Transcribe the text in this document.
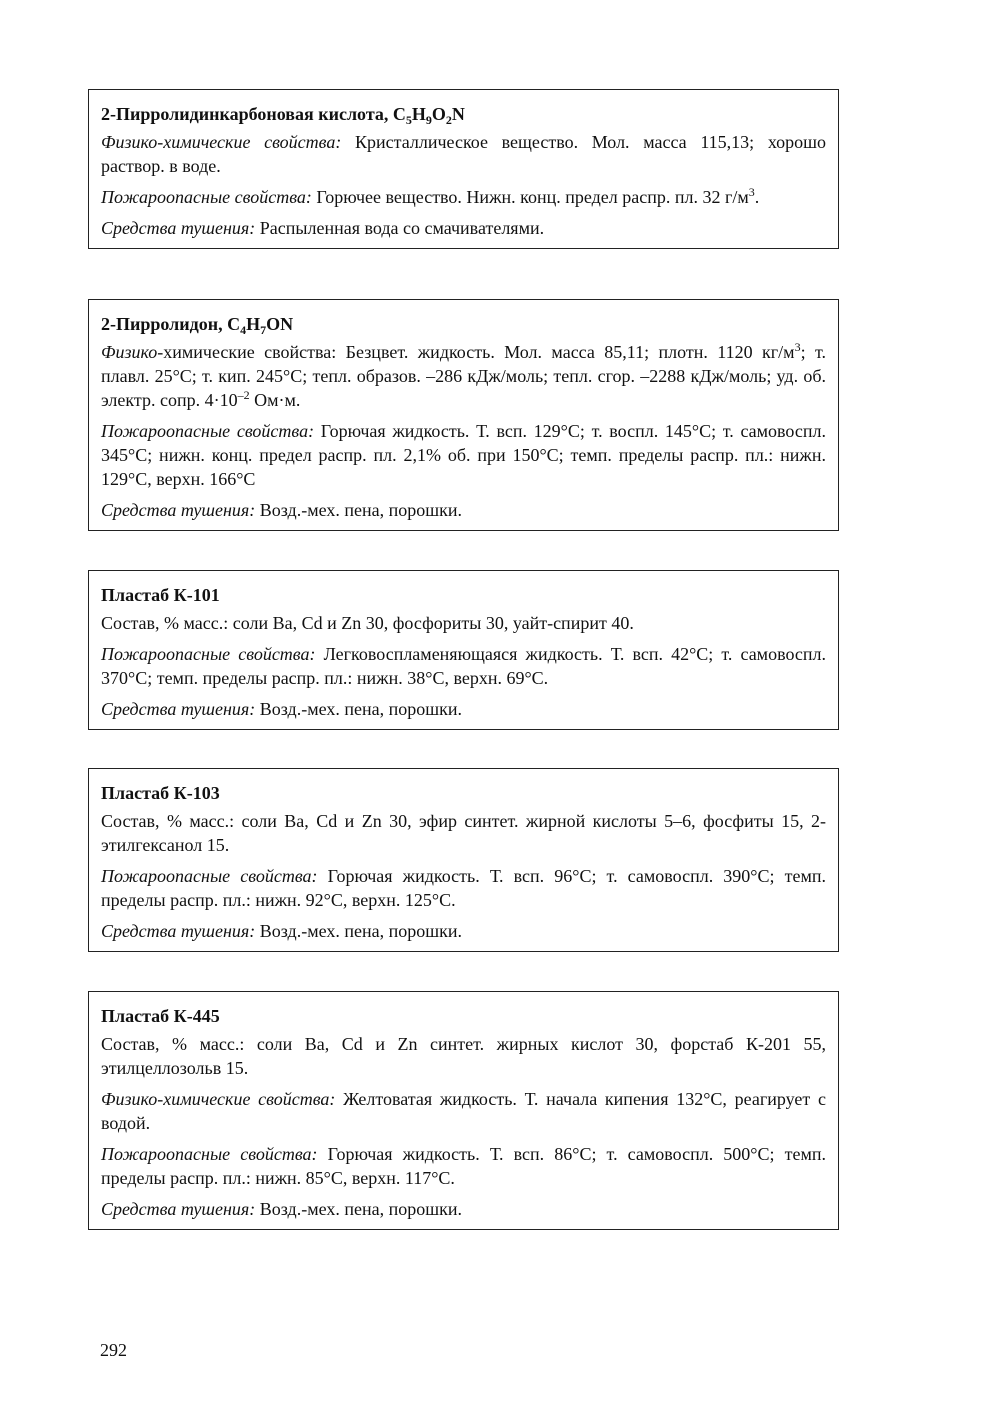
2-Пирролидинкарбоновая кислота, $C_5H_9O_2N$
Физико-химические свойства: Кристаллическое вещество. Мол. масса 115,13; хорошо раствор. в воде.
Пожароопасные свойства: Горючее вещество. Нижн. конц. предел распр. пл. 32 $г/м^3$.
Средства тушения: Распыленная вода со смачивателями.
2-Пирролидон, $C_4H_7ON$
Физико-химические свойства: Безцвет. жидкость. Мол. масса 85,11; плотн. 1120 $кг/м^3$; т. плавл. 25°С; т. кип. 245°С; тепл. образов. –286 кДж/моль; тепл. сгор. –2288 кДж/моль; уд. об. электр. сопр. $4\cdot 10^{-2}$ Ом·м.
Пожароопасные свойства: Горючая жидкость. Т. всп. 129°С; т. воспл. 145°С; т. самовоспл. 345°С; нижн. конц. предел распр. пл. 2,1% об. при 150°С; темп. пределы распр. пл.: нижн. 129°С, верхн. 166°С
Средства тушения: Возд.-мех. пена, порошки.
Пластаб К-101
Состав, % масс.: соли Ba, Cd и Zn 30, фосфориты 30, уайт-спирит 40.
Пожароопасные свойства: Легковоспламеняющаяся жидкость. Т. всп. 42°С; т. самовоспл. 370°С; темп. пределы распр. пл.: нижн. 38°С, верхн. 69°С.
Средства тушения: Возд.-мех. пена, порошки.
Пластаб К-103
Состав, % масс.: соли Ba, Cd и Zn 30, эфир синтет. жирной кислоты 5–6, фосфиты 15, 2-этилгексанол 15.
Пожароопасные свойства: Горючая жидкость. Т. всп. 96°С; т. самовоспл. 390°С; темп. пределы распр. пл.: нижн. 92°С, верхн. 125°С.
Средства тушения: Возд.-мех. пена, порошки.
Пластаб К-445
Состав, % масс.: соли Ba, Cd и Zn синтет. жирных кислот 30, форстаб К-201 55, этилцеллозольв 15.
Физико-химические свойства: Желтоватая жидкость. Т. начала кипения 132°С, реагирует с водой.
Пожароопасные свойства: Горючая жидкость. Т. всп. 86°С; т. самовоспл. 500°С; темп. пределы распр. пл.: нижн. 85°С, верхн. 117°С.
Средства тушения: Возд.-мех. пена, порошки.
292
